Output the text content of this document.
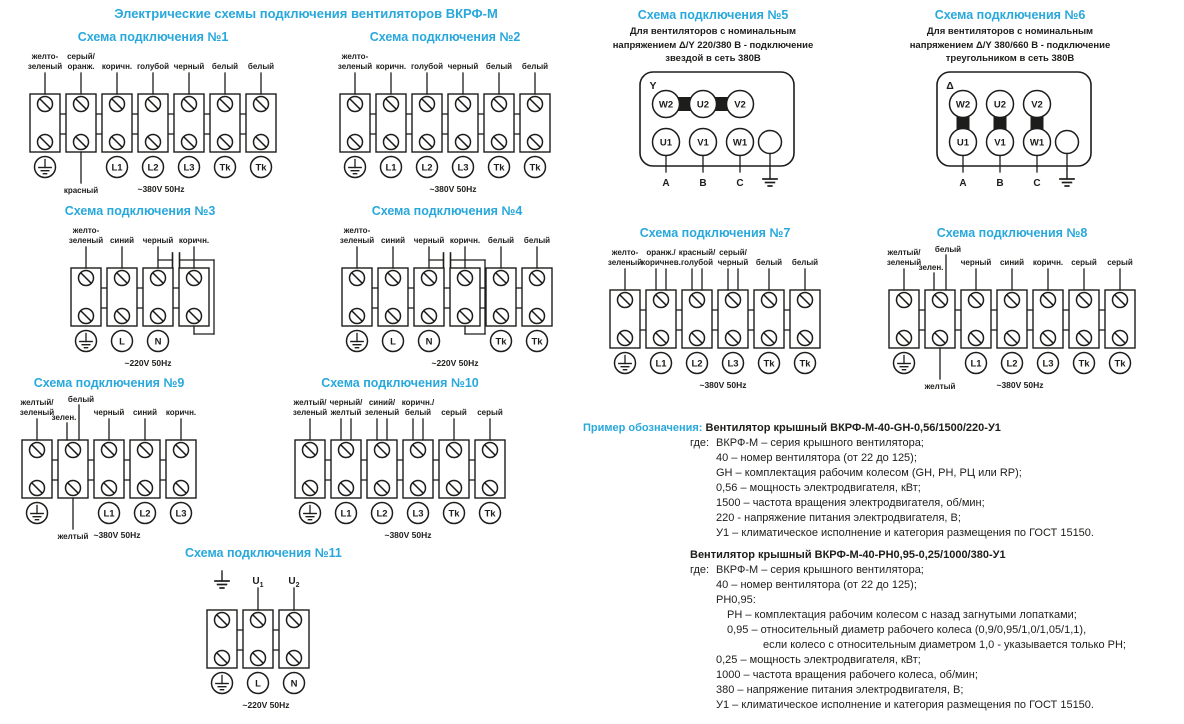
Электрические схемы подключения вентиляторов ВКРФ-М
Схема подключения №1
желто-
зеленый
серый/
оранж.
красный
коричн.
L1
голубой
L2
черный
L3
белый
Tk
белый
Tk
~380V 50Hz
Схема подключения №2
желто-
зеленый коричн.
L1
голубой
L2
черный
L3
белый
Tk
белый
Tk
~380V 50Hz
Схема подключения №3
желто-
зеленый синий
L
черный
N
коричн.
~220V 50Hz
Схема подключения №4
желто-
зеленый синий
L
черный
N
коричн. белый
Tk
белый
Tk
~220V 50Hz
Схема подключения №7
желто-
зеленый
оранж./
коричнев.
L1
красный/
голубой
L2
серый/
черный
L3
белый
Tk
белый
Tk
~380V 50Hz
Схема подключения №8
желтый/
зеленый
белый
зелен.
желтый
черный
L1
синий
L2
коричн.
L3
серый
Tk
серый
Tk
~380V 50Hz
Схема подключения №9
желтый/
зеленый
белый
зелен.
желтый
черный
L1
синий
L2
коричн.
L3
~380V 50Hz
Схема подключения №10
желтый/
зеленый
черный/
желтый
L1
синий/
зеленый
L2
коричн./
белый
L3
серый
Tk
серый
Tk
~380V 50Hz
Схема подключения №11
$U_1$
L
$U_2$
N
~220V 50Hz
Схема подключения №5
Для вентиляторов с номинальным
напряжением Δ/Y 220/380 В - подключение
звездой в сеть 380В
Y
W2	U2	V2
U1
A
V1
B
W1
C
Схема подключения №6
Для вентиляторов с номинальным
напряжением Δ/Y 380/660 В - подключение
треугольником в сеть 380В
Δ
W2	U2	V2
U1
A
V1
B
W1
C
Пример обозначения: Вентилятор крышный ВКРФ-М-40-GH-0,56/1500/220-У1
где: ВКРФ-М – серия крышного вентилятора;
40 – номер вентилятора (от 22 до 125);
GH – комплектация рабочим колесом (GH, РН, РЦ или RP);
0,56 – мощность электродвигателя, кВт;
1500 – частота вращения электродвигателя, об/мин;
220 - напряжение питания электродвигателя, В;
У1 – климатическое исполнение и категория размещения по ГОСТ 15150.
Вентилятор крышный ВКРФ-М-40-РН0,95-0,25/1000/380-У1
где: ВКРФ-М – серия крышного вентилятора;
40 – номер вентилятора (от 22 до 125);
РН0,95:
РН – комплектация рабочим колесом с назад загнутыми лопатками;
0,95 – относительный диаметр рабочего колеса (0,9/0,95/1,0/1,05/1,1),
если колесо с относительным диаметром 1,0 - указывается только РН;
0,25 – мощность электродвигателя, кВт;
1000 – частота вращения рабочего колеса, об/мин;
380 – напряжение питания электродвигателя, В;
У1 – климатическое исполнение и категория размещения по ГОСТ 15150.
